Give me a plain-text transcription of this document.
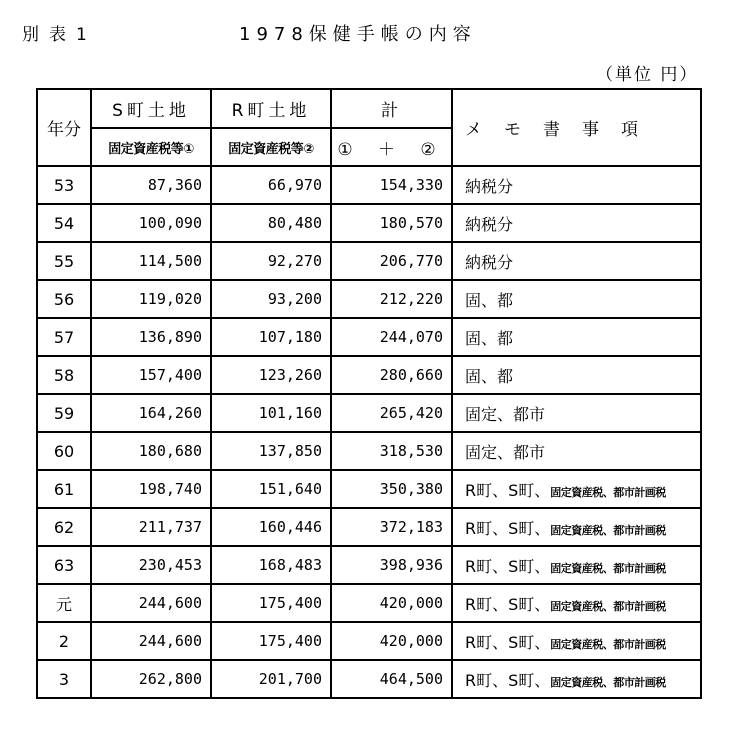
別表1	1978保健手帳の内容
（単位 円）
年分	S町土地	R町土地	計	メモ書事項
	固定資産税等①	固定資産税等②	① ＋ ②	
53	87,360	66,970	154,330	納税分
54	100,090	80,480	180,570	納税分
55	114,500	92,270	206,770	納税分
56	119,020	93,200	212,220	固、都
57	136,890	107,180	244,070	固、都
58	157,400	123,260	280,660	固、都
59	164,260	101,160	265,420	固定、都市
60	180,680	137,850	318,530	固定、都市
61	198,740	151,640	350,380	R町、S町、固定資産税、都市計画税
62	211,737	160,446	372,183	R町、S町、固定資産税、都市計画税
63	230,453	168,483	398,936	R町、S町、固定資産税、都市計画税
元	244,600	175,400	420,000	R町、S町、固定資産税、都市計画税
2	244,600	175,400	420,000	R町、S町、固定資産税、都市計画税
3	262,800	201,700	464,500	R町、S町、固定資産税、都市計画税
